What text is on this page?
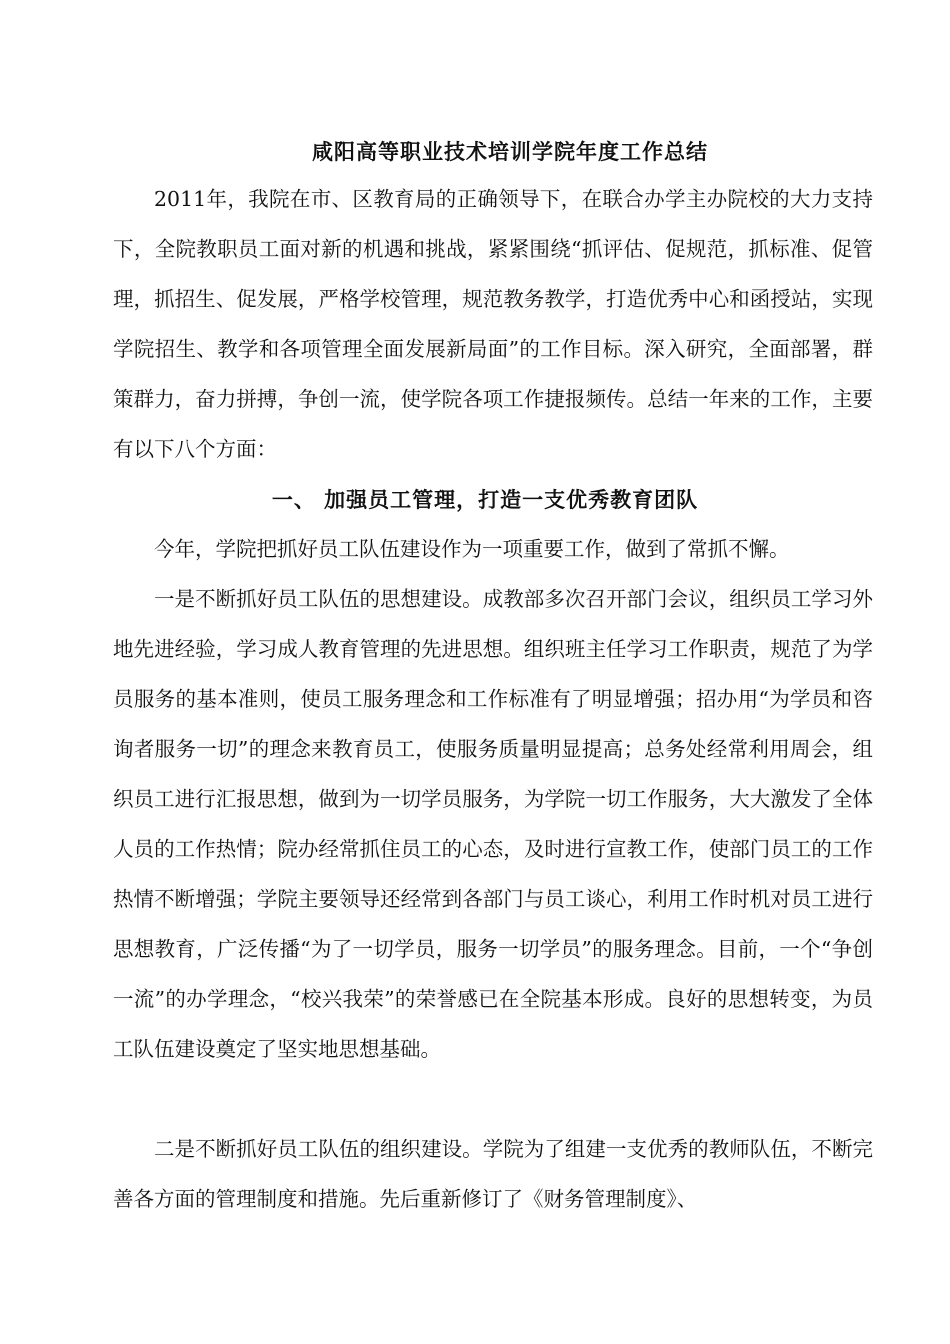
咸阳高等职业技术培训学院年度工作总结

2011年，我院在市、区教育局的正确领导下，在联合办学主办院校的大力支持下，全院教职员工面对新的机遇和挑战，紧紧围绕“抓评估、促规范，抓标准、促管理，抓招生、促发展，严格学校管理，规范教务教学，打造优秀中心和函授站，实现学院招生、教学和各项管理全面发展新局面”的工作目标。深入研究，全面部署，群策群力，奋力拼搏，争创一流，使学院各项工作捷报频传。总结一年来的工作，主要有以下八个方面：

一、 加强员工管理，打造一支优秀教育团队

今年，学院把抓好员工队伍建设作为一项重要工作，做到了常抓不懈。

一是不断抓好员工队伍的思想建设。成教部多次召开部门会议，组织员工学习外地先进经验，学习成人教育管理的先进思想。组织班主任学习工作职责，规范了为学员服务的基本准则，使员工服务理念和工作标准有了明显增强；招办用“为学员和咨询者服务一切”的理念来教育员工，使服务质量明显提高；总务处经常利用周会，组织员工进行汇报思想，做到为一切学员服务，为学院一切工作服务，大大激发了全体人员的工作热情；院办经常抓住员工的心态，及时进行宣教工作，使部门员工的工作热情不断增强；学院主要领导还经常到各部门与员工谈心，利用工作时机对员工进行思想教育，广泛传播“为了一切学员，服务一切学员”的服务理念。目前，一个“争创一流”的办学理念，“校兴我荣”的荣誉感已在全院基本形成。良好的思想转变，为员工队伍建设奠定了坚实地思想基础。

二是不断抓好员工队伍的组织建设。学院为了组建一支优秀的教师队伍，不断完善各方面的管理制度和措施。先后重新修订了《财务管理制度》、
